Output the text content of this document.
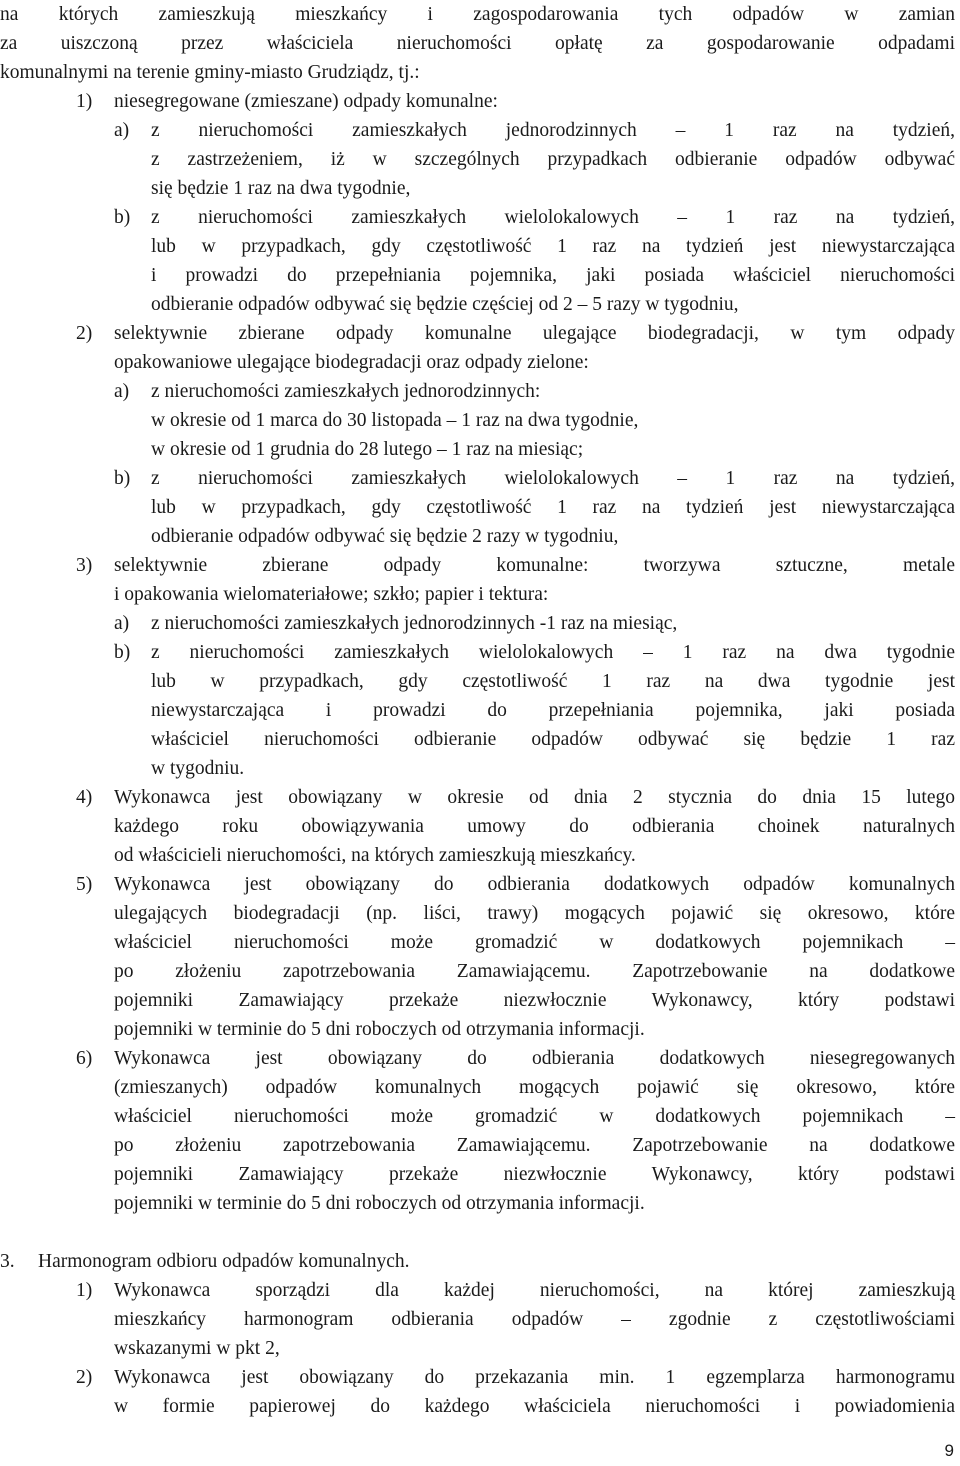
na których zamieszkują mieszkańcy i zagospodarowania tych odpadów w zamian
za uiszczoną przez właściciela nieruchomości opłatę za gospodarowanie odpadami
komunalnymi na terenie gminy-miasto Grudziądz, tj.:
1) niesegregowane (zmieszane) odpady komunalne:
a) z nieruchomości zamieszkałych jednorodzinnych – 1 raz na tydzień,
z zastrzeżeniem, iż w szczególnych przypadkach odbieranie odpadów odbywać
się będzie 1 raz na dwa tygodnie,
b) z nieruchomości zamieszkałych wielolokalowych – 1 raz na tydzień,
lub w przypadkach, gdy częstotliwość 1 raz na tydzień jest niewystarczająca
i prowadzi do przepełniania pojemnika, jaki posiada właściciel nieruchomości
odbieranie odpadów odbywać się będzie częściej od 2 – 5 razy w tygodniu,
2) selektywnie zbierane odpady komunalne ulegające biodegradacji, w tym odpady
opakowaniowe ulegające biodegradacji oraz odpady zielone:
a) z nieruchomości zamieszkałych jednorodzinnych:
w okresie od 1 marca do 30 listopada – 1 raz na dwa tygodnie,
w okresie od 1 grudnia do 28 lutego – 1 raz na miesiąc;
b) z nieruchomości zamieszkałych wielolokalowych – 1 raz na tydzień,
lub w przypadkach, gdy częstotliwość 1 raz na tydzień jest niewystarczająca
odbieranie odpadów odbywać się będzie 2 razy w tygodniu,
3) selektywnie zbierane odpady komunalne: tworzywa sztuczne, metale
i opakowania wielomateriałowe; szkło; papier i tektura:
a) z nieruchomości zamieszkałych jednorodzinnych -1 raz na miesiąc,
b) z nieruchomości zamieszkałych wielolokalowych – 1 raz na dwa tygodnie
lub w przypadkach, gdy częstotliwość 1 raz na dwa tygodnie jest
niewystarczająca i prowadzi do przepełniania pojemnika, jaki posiada
właściciel nieruchomości odbieranie odpadów odbywać się będzie 1 raz
w tygodniu.
4) Wykonawca jest obowiązany w okresie od dnia 2 stycznia do dnia 15 lutego
każdego roku obowiązywania umowy do odbierania choinek naturalnych
od właścicieli nieruchomości, na których zamieszkują mieszkańcy.
5) Wykonawca jest obowiązany do odbierania dodatkowych odpadów komunalnych
ulegających biodegradacji (np. liści, trawy) mogących pojawić się okresowo, które
właściciel nieruchomości może gromadzić w dodatkowych pojemnikach –
po złożeniu zapotrzebowania Zamawiającemu. Zapotrzebowanie na dodatkowe
pojemniki Zamawiający przekaże niezwłocznie Wykonawcy, który podstawi
pojemniki w terminie do 5 dni roboczych od otrzymania informacji.
6) Wykonawca jest obowiązany do odbierania dodatkowych niesegregowanych
(zmieszanych) odpadów komunalnych mogących pojawić się okresowo, które
właściciel nieruchomości może gromadzić w dodatkowych pojemnikach –
po złożeniu zapotrzebowania Zamawiającemu. Zapotrzebowanie na dodatkowe
pojemniki Zamawiający przekaże niezwłocznie Wykonawcy, który podstawi
pojemniki w terminie do 5 dni roboczych od otrzymania informacji.
3. Harmonogram odbioru odpadów komunalnych.
1) Wykonawca sporządzi dla każdej nieruchomości, na której zamieszkują
mieszkańcy harmonogram odbierania odpadów – zgodnie z częstotliwościami
wskazanymi w pkt 2,
2) Wykonawca jest obowiązany do przekazania min. 1 egzemplarza harmonogramu
w formie papierowej do każdego właściciela nieruchomości i powiadomienia
9
